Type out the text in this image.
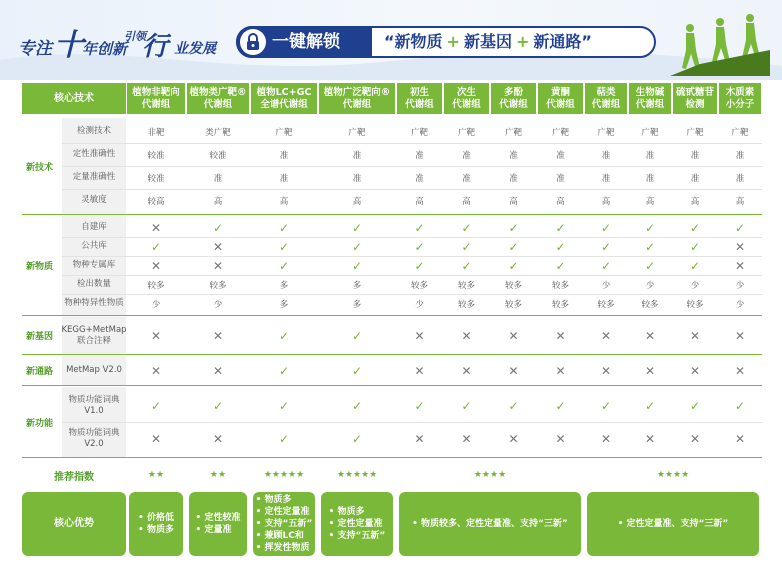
专注 十
年创新
引领
行 业发展	一键解锁	“新物质 + 新基因 + 新通路”
核心技术
植物非靶向
代谢组
植物类广靶®
代谢组
植物LC+GC
全谱代谢组
植物广泛靶向®
代谢组
初生
代谢组
次生
代谢组
多酚
代谢组
黄酮
代谢组
萜类
代谢组
生物碱
代谢组
硫甙糖苷
检测
木质素
小分子
检测技术	非靶	类广靶	广靶	广靶	广靶	广靶	广靶	广靶	广靶	广靶	广靶	广靶
定性准确性	较准	较准	准	准	准	准	准	准	准	准	准	准
定量准确性	较准	准	准	准	准	准	准	准	准	准	准	准
灵敏度	较高	高	高	高	高	高	高	高	高	高	高	高
新技术
自建库	✕	✓	✓	✓	✓	✓	✓	✓	✓	✓	✓	✓
公共库	✓	✕	✓	✓	✓	✓	✓	✓	✓	✓	✓	✕
物种专属库	✕	✕	✓	✓	✓	✓	✓	✓	✓	✓	✓	✕
检出数量	较多	较多	多	多	较多	较多	较多	较多	少	少	少	少
物种特异性物质	少	少	多	多	少	较多	较多	较多	较多	较多	较多	少
新物质
KEGG+MetMap
联合注释	✕	✕	✓	✓	✕	✕	✕	✕	✕	✕	✕	✕
新基因
MetMap V2.0	✕	✕	✓	✓	✕	✕	✕	✕	✕	✕	✕	✕
新通路
物质功能词典
V1.0	✓	✓	✓	✓	✓	✓	✓	✓	✓	✓	✓	✓
物质功能词典
V2.0	✕	✕	✓	✓	✕	✕	✕	✕	✕	✕	✕	✕
新功能
★★	★★	★★★★★	★★★★★	★★★★	★★★★
• 价格低
• 物质多
• 定性较准
• 定量准
• 物质多
• 定性定量准
• 支持“五新”
• 兼顾LC和
• 挥发性物质
• 物质多
• 定性定量准
• 支持“五新”
• 物质较多、定性定量准、支持“三新”
•	定性定量准、支持“三新”
推荐指数
核心优势
